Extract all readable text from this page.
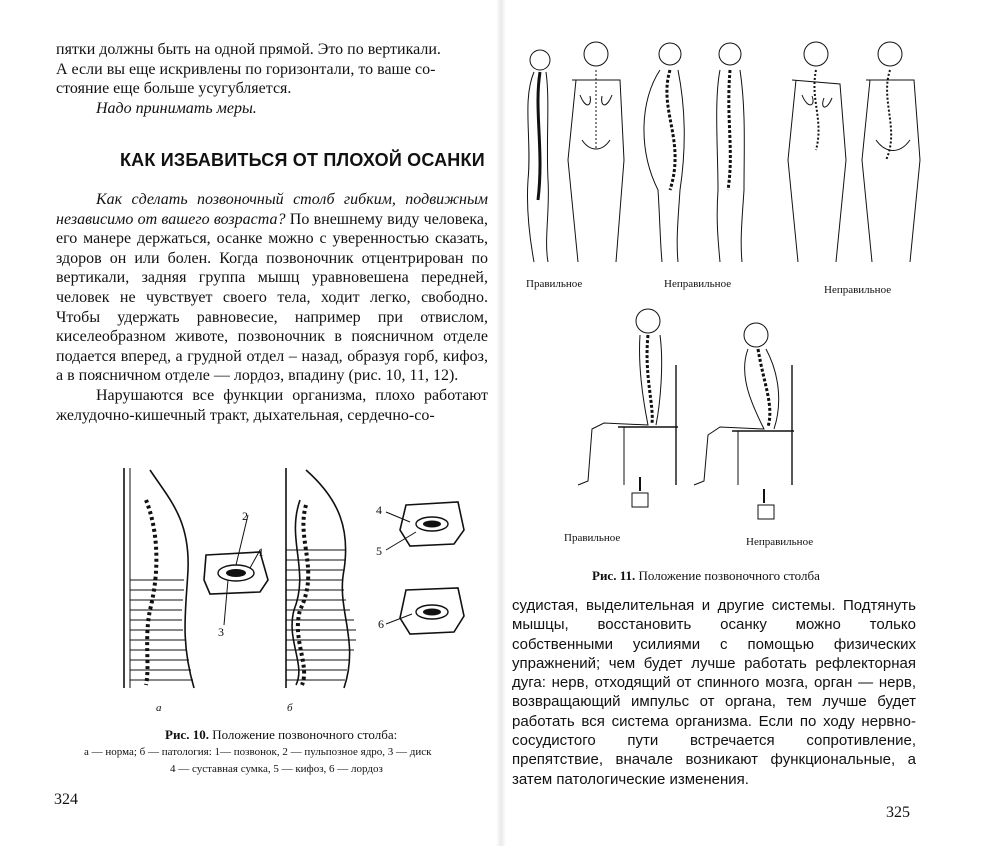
пятки должны быть на одной прямой. Это по вертикали.

А если вы еще искривлены по горизонтали, то ваше со-

стояние еще больше усугубляется.

Надо принимать меры.

КАК ИЗБАВИТЬСЯ ОТ ПЛОХОЙ ОСАНКИ

Как сделать позвоночный столб гибким, подвижным независимо от вашего возраста? По внешнему виду человека, его манере держаться, осанке можно с уверенностью сказать, здоров он или болен. Когда позвоночник отцентрирован по вертикали, задняя группа мышц уравновешена передней, человек не чувствует своего тела, ходит легко, свободно. Чтобы удержать равновесие, например при отвислом, киселеобразном животе, позвоночник в поясничном отделе подается вперед, а грудной отдел – назад, образуя горб, кифоз, а в поясничном отделе — лордоз, впадину (рис. 10, 11, 12).

Нарушаются все функции организма, плохо работают желудочно-кишечный тракт, дыхательная, сердечно-со-

2
1
3
4
5
6
а	б
Рис. 10. Положение позвоночного столба:
а — норма; б — патология: 1— позвонок, 2 — пульпозное ядро, 3 — диск
4 — суставная сумка, 5 — кифоз, 6 — лордоз
324
Правильное	Неправильное	Неправильное
Правильное	Неправильное
Рис. 11. Положение позвоночного столба
судистая, выделительная и другие системы. Подтянуть мышцы, восстановить осанку можно только собственными усилиями с помощью физических упражнений; чем будет лучше работать рефлекторная дуга: нерв, отходящий от спинного мозга, орган — нерв, возвращающий импульс от органа, тем лучше будет работать вся система организма. Если по ходу нервно-сосудистого пути встречается сопротивление, препятствие, вначале возникают функциональные, а затем патологические изменения.
325
